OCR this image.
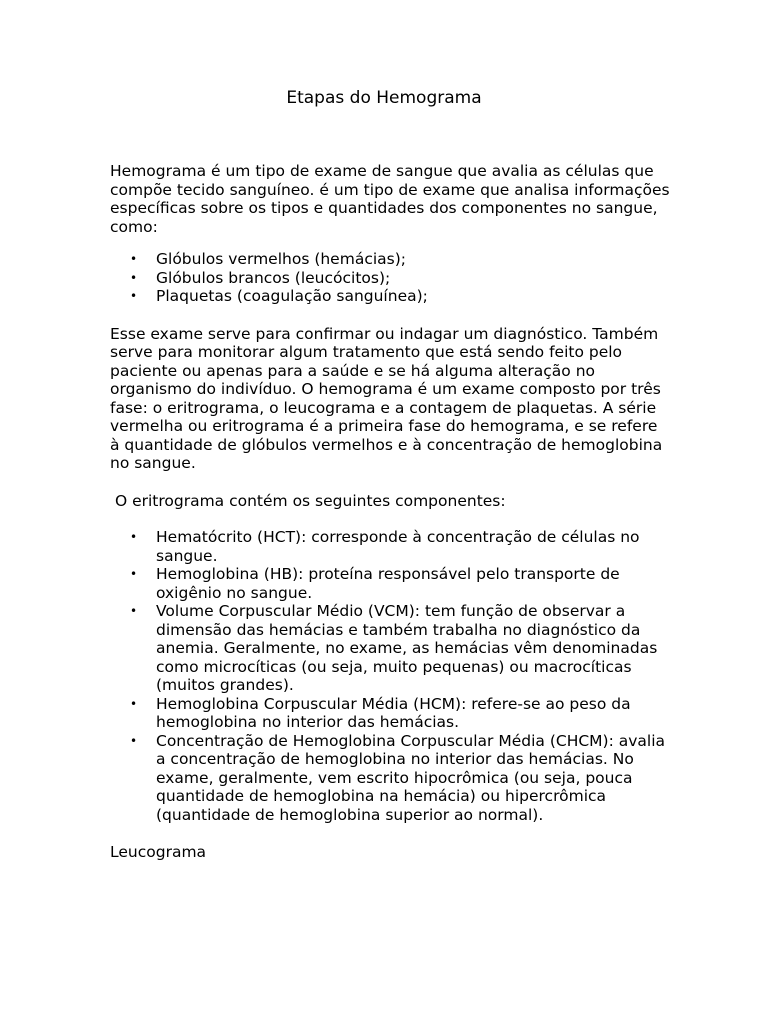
Etapas do Hemograma

Hemograma é um tipo de exame de sangue que avalia as células que compõe tecido sanguíneo. é um tipo de exame que analisa informações específicas sobre os tipos e quantidades dos componentes no sangue, como:

• Glóbulos vermelhos (hemácias);
• Glóbulos brancos (leucócitos);
• Plaquetas (coagulação sanguínea);

Esse exame serve para confirmar ou indagar um diagnóstico. Também serve para monitorar algum tratamento que está sendo feito pelo paciente ou apenas para a saúde e se há alguma alteração no organismo do indivíduo. O hemograma é um exame composto por três fase: o eritrograma, o leucograma e a contagem de plaquetas. A série vermelha ou eritrograma é a primeira fase do hemograma, e se refere à quantidade de glóbulos vermelhos e à concentração de hemoglobina no sangue.

O eritrograma contém os seguintes componentes:

• Hematócrito (HCT): corresponde à concentração de células no sangue.
• Hemoglobina (HB): proteína responsável pelo transporte de oxigênio no sangue.
• Volume Corpuscular Médio (VCM): tem função de observar a dimensão das hemácias e também trabalha no diagnóstico da anemia. Geralmente, no exame, as hemácias vêm denominadas como microcíticas (ou seja, muito pequenas) ou macrocíticas (muitos grandes).
• Hemoglobina Corpuscular Média (HCM): refere-se ao peso da hemoglobina no interior das hemácias.
• Concentração de Hemoglobina Corpuscular Média (CHCM): avalia a concentração de hemoglobina no interior das hemácias. No exame, geralmente, vem escrito hipocrômica (ou seja, pouca quantidade de hemoglobina na hemácia) ou hipercrômica (quantidade de hemoglobina superior ao normal).

Leucograma
